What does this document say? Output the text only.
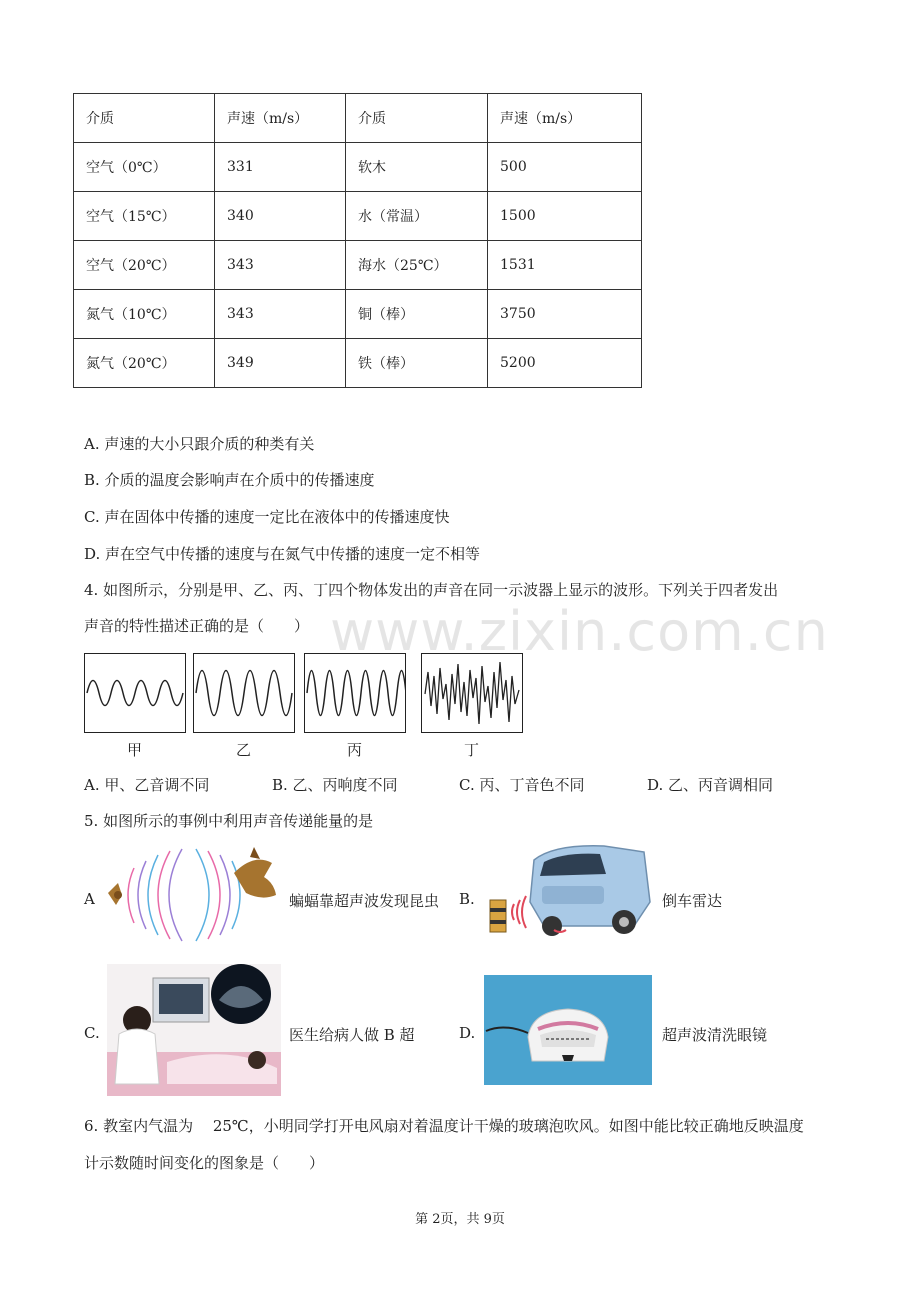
介质	声速（m/s）	介质	声速（m/s）
空气（0℃）	331	软木	500
空气（15℃）	340	水（常温）	1500
空气（20℃）	343	海水（25℃）	1531
氮气（10℃）	343	铜（棒）	3750
氮气（20℃）	349	铁（棒）	5200
A. 声速的大小只跟介质的种类有关
B. 介质的温度会影响声在介质中的传播速度
C. 声在固体中传播的速度一定比在液体中的传播速度快
D. 声在空气中传播的速度与在氮气中传播的速度一定不相等
4. 如图所示，分别是甲、乙、丙、丁四个物体发出的声音在同一示波器上显示的波形。下列关于四者发出
声音的特性描述正确的是（　　） www.zixin.com.cn
甲	乙	丙	丁
A. 甲、乙音调不同	B. 乙、丙响度不同	C. 丙、丁音色不同	D. 乙、丙音调相同
5. 如图所示的事例中利用声音传递能量的是
A	蝙蝠靠超声波发现昆虫 B.	倒车雷达
C.	医生给病人做 B 超	D.	超声波清洗眼镜
6. 教室内气温为　 25℃，小明同学打开电风扇对着温度计干燥的玻璃泡吹风。如图中能比较正确地反映温度
计示数随时间变化的图象是（　　）
第 2页，共 9页
